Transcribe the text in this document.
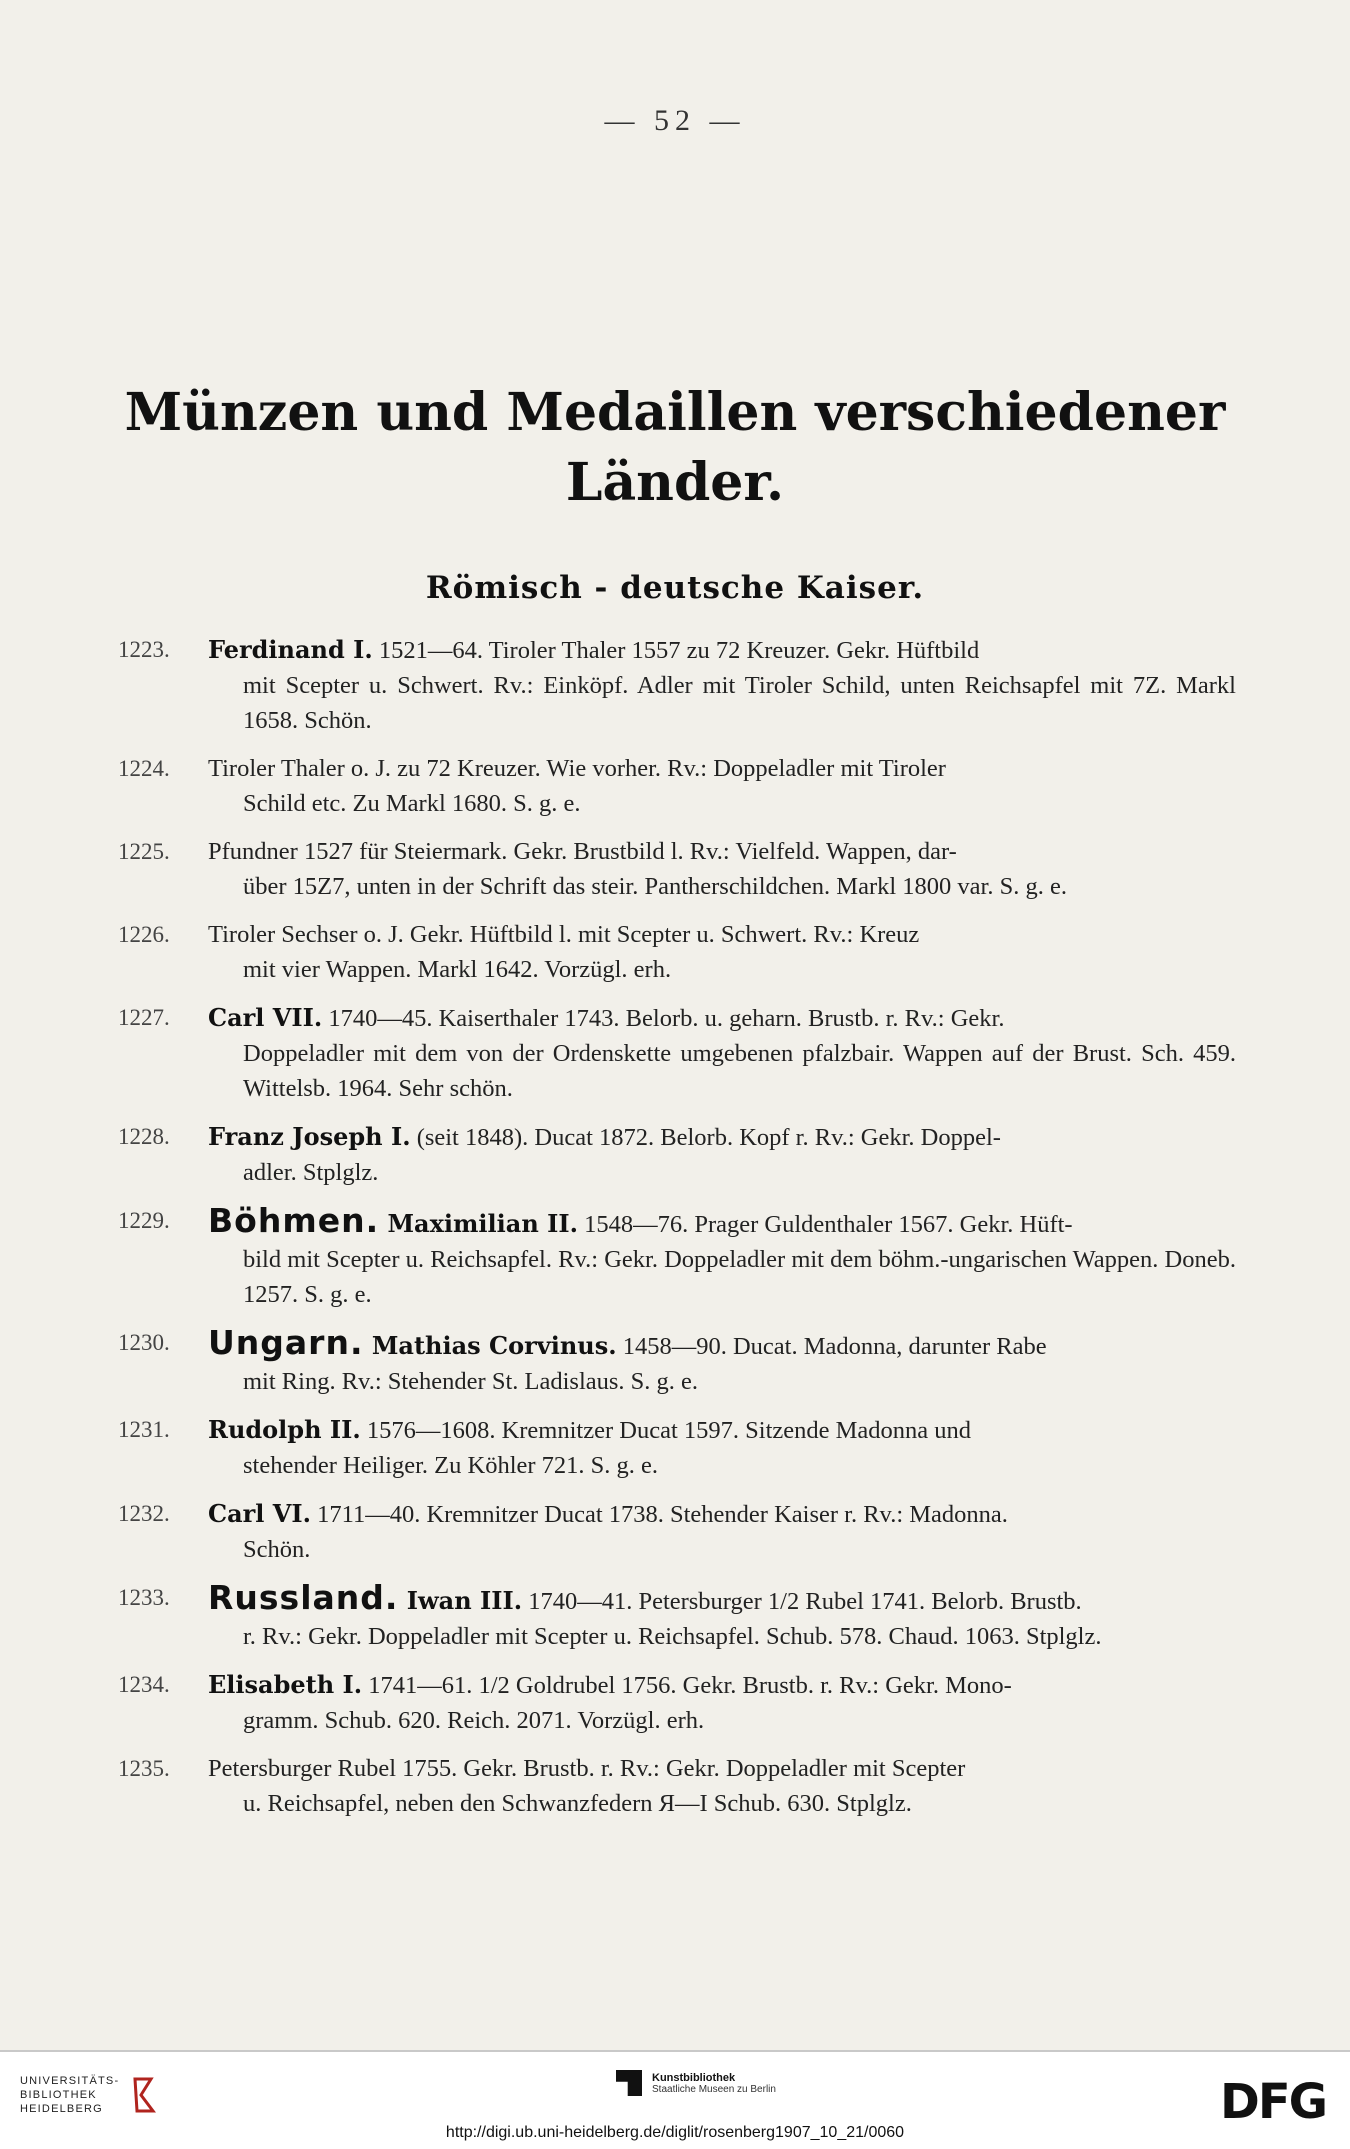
— 52 —
Münzen und Medaillen verschiedener
Länder.
Römisch - deutsche Kaiser.
1223.	Ferdinand I. 1521—64. Tiroler Thaler 1557 zu 72 Kreuzer. Gekr. Hüftbild
mit Scepter u. Schwert. Rv.: Einköpf. Adler mit Tiroler Schild, unten Reichsapfel mit 7Z. Markl 1658. Schön.
1224.	Tiroler Thaler o. J. zu 72 Kreuzer. Wie vorher. Rv.: Doppeladler mit Tiroler
Schild etc. Zu Markl 1680. S. g. e.
1225.	Pfundner 1527 für Steiermark. Gekr. Brustbild l. Rv.: Vielfeld. Wappen, dar-
über 15Z7, unten in der Schrift das steir. Pantherschildchen. Markl 1800 var. S. g. e.
1226.	Tiroler Sechser o. J. Gekr. Hüftbild l. mit Scepter u. Schwert. Rv.: Kreuz
mit vier Wappen. Markl 1642. Vorzügl. erh.
1227.	Carl VII. 1740—45. Kaiserthaler 1743. Belorb. u. geharn. Brustb. r. Rv.: Gekr.
Doppeladler mit dem von der Ordenskette umgebenen pfalzbair. Wappen auf der Brust. Sch. 459. Wittelsb. 1964. Sehr schön.
1228.	Franz Joseph I. (seit 1848). Ducat 1872. Belorb. Kopf r. Rv.: Gekr. Doppel-
adler. Stplglz.
1229.	Böhmen. Maximilian II. 1548—76. Prager Guldenthaler 1567. Gekr. Hüft-
bild mit Scepter u. Reichsapfel. Rv.: Gekr. Doppeladler mit dem böhm.-ungarischen Wappen. Doneb. 1257. S. g. e.
1230.	Ungarn. Mathias Corvinus. 1458—90. Ducat. Madonna, darunter Rabe
mit Ring. Rv.: Stehender St. Ladislaus. S. g. e.
1231.	Rudolph II. 1576—1608. Kremnitzer Ducat 1597. Sitzende Madonna und
stehender Heiliger. Zu Köhler 721. S. g. e.
1232.	Carl VI. 1711—40. Kremnitzer Ducat 1738. Stehender Kaiser r. Rv.: Madonna.
Schön.
1233.	Russland. Iwan III. 1740—41. Petersburger 1/2 Rubel 1741. Belorb. Brustb.
r. Rv.: Gekr. Doppeladler mit Scepter u. Reichsapfel. Schub. 578. Chaud. 1063. Stplglz.
1234.	Elisabeth I. 1741—61. 1/2 Goldrubel 1756. Gekr. Brustb. r. Rv.: Gekr. Mono-
gramm. Schub. 620. Reich. 2071. Vorzügl. erh.
1235.	Petersburger Rubel 1755. Gekr. Brustb. r. Rv.: Gekr. Doppeladler mit Scepter
u. Reichsapfel, neben den Schwanzfedern Я—I Schub. 630. Stplglz.
UNIVERSITÄTS-
BIBLIOTHEK
HEIDELBERG
Kunstbibliothek
Staatliche Museen zu Berlin	DFG
http://digi.ub.uni-heidelberg.de/diglit/rosenberg1907_10_21/0060
